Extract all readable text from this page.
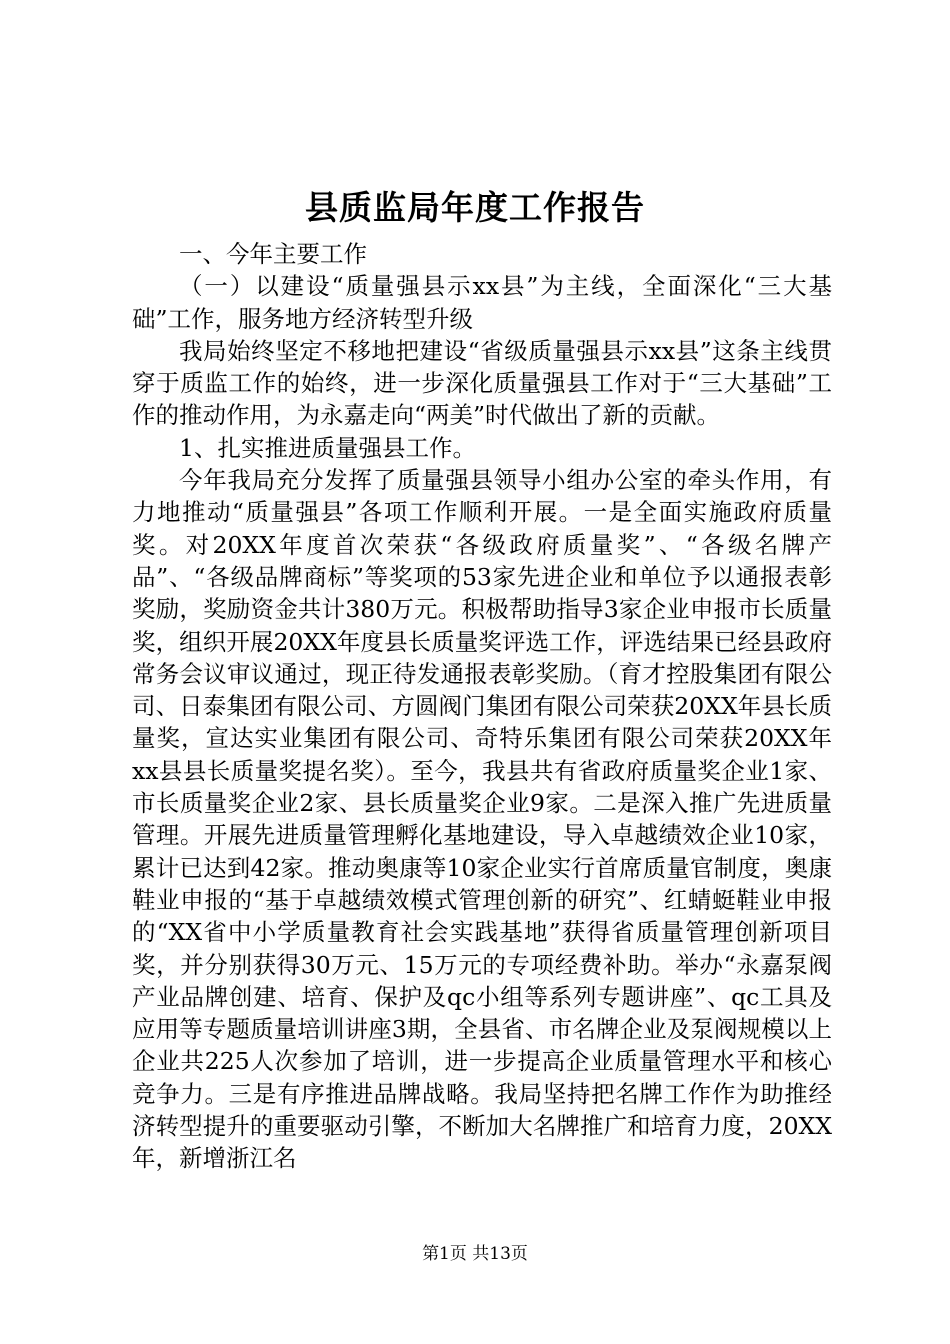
县质监局年度工作报告

一、今年主要工作

（一）以建设“质量强县示xx县”为主线，全面深化“三大基础”工作，服务地方经济转型升级

我局始终坚定不移地把建设“省级质量强县示xx县”这条主线贯穿于质监工作的始终，进一步深化质量强县工作对于“三大基础”工作的推动作用，为永嘉走向“两美”时代做出了新的贡献。

1、扎实推进质量强县工作。

今年我局充分发挥了质量强县领导小组办公室的牵头作用，有力地推动“质量强县”各项工作顺利开展。一是全面实施政府质量奖。对20XX年度首次荣获“各级政府质量奖”、“各级名牌产品”、“各级品牌商标”等奖项的53家先进企业和单位予以通报表彰奖励，奖励资金共计380万元。积极帮助指导3家企业申报市长质量奖，组织开展20XX年度县长质量奖评选工作，评选结果已经县政府常务会议审议通过，现正待发通报表彰奖励。（育才控股集团有限公司、日泰集团有限公司、方圆阀门集团有限公司荣获20XX年县长质量奖，宣达实业集团有限公司、奇特乐集团有限公司荣获20XX年xx县县长质量奖提名奖）。至今，我县共有省政府质量奖企业1家、市长质量奖企业2家、县长质量奖企业9家。二是深入推广先进质量管理。开展先进质量管理孵化基地建设，导入卓越绩效企业10家，累计已达到42家。推动奥康等10家企业实行首席质量官制度，奥康鞋业申报的“基于卓越绩效模式管理创新的研究”、红蜻蜓鞋业申报的“XX省中小学质量教育社会实践基地”获得省质量管理创新项目奖，并分别获得30万元、15万元的专项经费补助。举办“永嘉泵阀产业品牌创建、培育、保护及qc小组等系列专题讲座”、qc工具及应用等专题质量培训讲座3期，全县省、市名牌企业及泵阀规模以上企业共225人次参加了培训，进一步提高企业质量管理水平和核心竞争力。三是有序推进品牌战略。我局坚持把名牌工作作为助推经济转型提升的重要驱动引擎，不断加大名牌推广和培育力度，20XX年，新增浙江名

第1页 共13页
